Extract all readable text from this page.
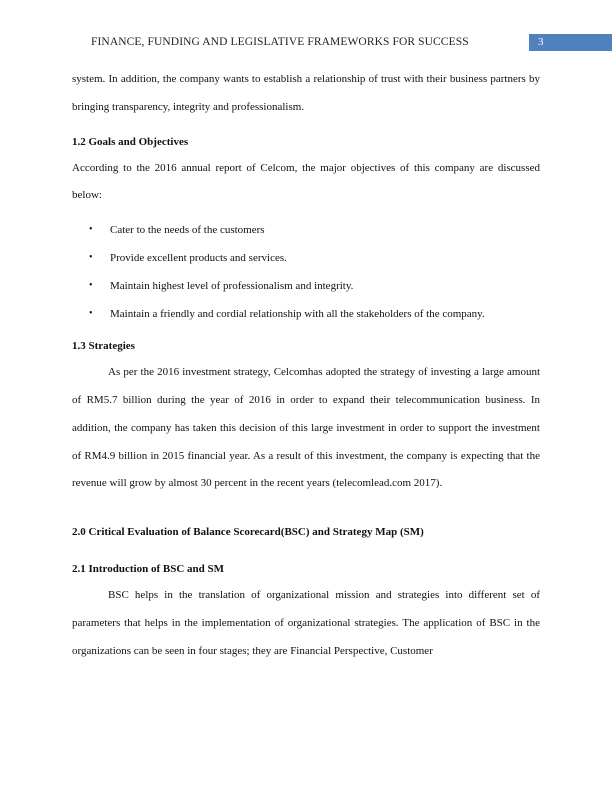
FINANCE, FUNDING AND LEGISLATIVE FRAMEWORKS FOR SUCCESS	3

system. In addition, the company wants to establish a relationship of trust with their business partners by bringing transparency, integrity and professionalism.

1.2 Goals and Objectives

According to the 2016 annual report of Celcom, the major objectives of this company are discussed below:

• Cater to the needs of the customers
• Provide excellent products and services.
• Maintain highest level of professionalism and integrity.
• Maintain a friendly and cordial relationship with all the stakeholders of the company.
1.3 Strategies

As per the 2016 investment strategy, Celcomhas adopted the strategy of investing a large amount of RM5.7 billion during the year of 2016 in order to expand their telecommunication business. In addition, the company has taken this decision of this large investment in order to support the investment of RM4.9 billion in 2015 financial year. As a result of this investment, the company is expecting that the revenue will grow by almost 30 percent in the recent years (telecomlead.com 2017).

2.0 Critical Evaluation of Balance Scorecard(BSC) and Strategy Map (SM)
2.1 Introduction of BSC and SM

BSC helps in the translation of organizational mission and strategies into different set of parameters that helps in the implementation of organizational strategies. The application of BSC in the organizations can be seen in four stages; they are Financial Perspective, Customer
